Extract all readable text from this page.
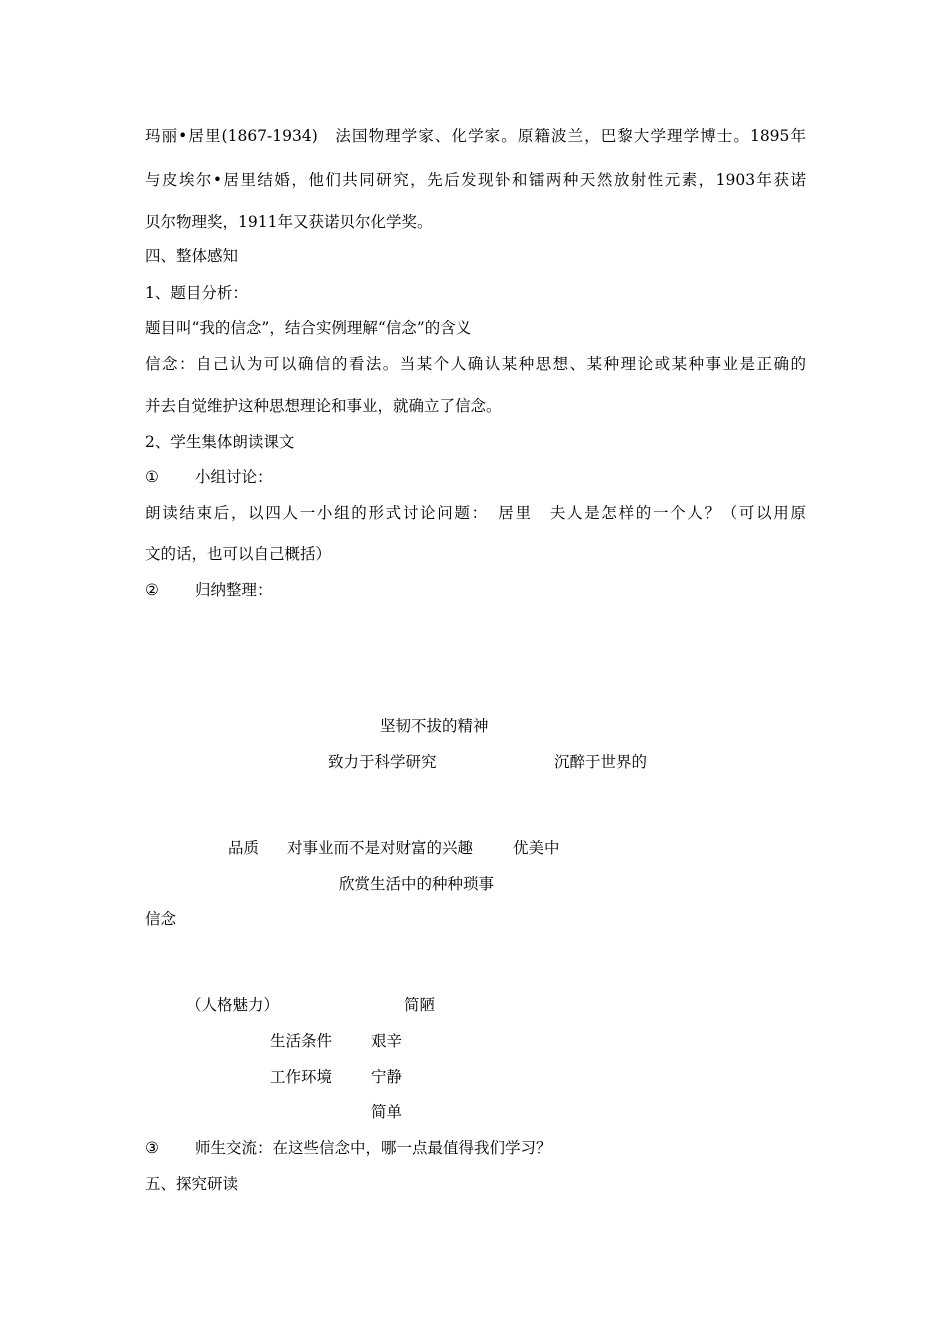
玛丽•居里(1867-1934)　法国物理学家、化学家。原籍波兰，巴黎大学理学博士。1895年
与皮埃尔•居里结婚，他们共同研究，先后发现钋和镭两种天然放射性元素，1903年获诺
贝尔物理奖，1911年又获诺贝尔化学奖。
四、整体感知
1、题目分析：
题目叫“我的信念”，结合实例理解“信念”的含义
信念：自己认为可以确信的看法。当某个人确认某种思想、某种理论或某种事业是正确的
并去自觉维护这种思想理论和事业，就确立了信念。
2、学生集体朗读课文
① 小组讨论：
朗读结束后，以四人一小组的形式讨论问题：　居里　夫人是怎样的一个人？（可以用原
文的话，也可以自己概括）
② 归纳整理：
坚韧不拔的精神
致力于科学研究	沉醉于世界的
品质 对事业而不是对财富的兴趣	优美中
欣赏生活中的种种琐事
信念
（人格魅力）	简陋
生活条件	艰辛
工作环境	宁静
简单
③ 师生交流：在这些信念中，哪一点最值得我们学习？
五、探究研读
